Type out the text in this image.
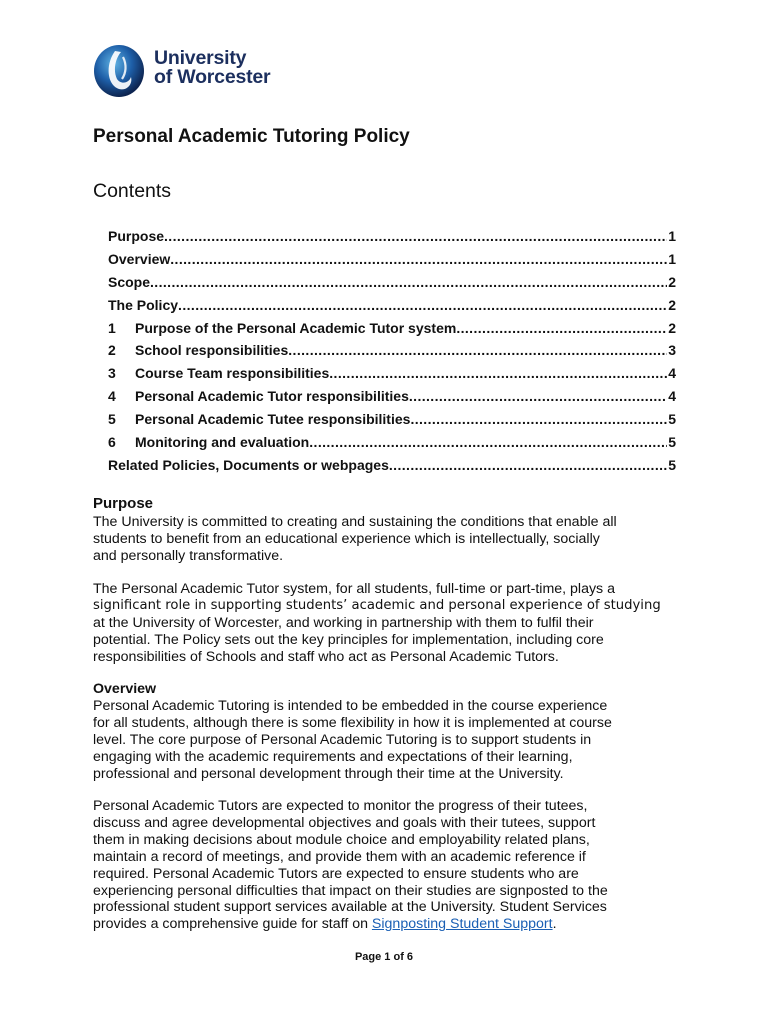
University
of Worcester
Personal Academic Tutoring Policy
Contents
Purpose .....	1
Overview .....	1
Scope .....	2
The Policy .....	2
1	Purpose of the Personal Academic Tutor system .....	2
2	School responsibilities .....	3
3	Course Team responsibilities .....	4
4	Personal Academic Tutor responsibilities .....	4
5	Personal Academic Tutee responsibilities .....	5
6	Monitoring and evaluation .....	5
Related Policies, Documents or webpages .....	5
Purpose

The University is committed to creating and sustaining the conditions that enable all
students to benefit from an educational experience which is intellectually, socially
and personally transformative.

The Personal Academic Tutor system, for all students, full-time or part-time, plays a
significant role in supporting students’ academic and personal experience of studying
at the University of Worcester, and working in partnership with them to fulfil their
potential. The Policy sets out the key principles for implementation, including core
responsibilities of Schools and staff who act as Personal Academic Tutors.

Overview

Personal Academic Tutoring is intended to be embedded in the course experience
for all students, although there is some flexibility in how it is implemented at course
level. The core purpose of Personal Academic Tutoring is to support students in
engaging with the academic requirements and expectations of their learning,
professional and personal development through their time at the University.

Personal Academic Tutors are expected to monitor the progress of their tutees,
discuss and agree developmental objectives and goals with their tutees, support
them in making decisions about module choice and employability related plans,
maintain a record of meetings, and provide them with an academic reference if
required. Personal Academic Tutors are expected to ensure students who are
experiencing personal difficulties that impact on their studies are signposted to the
professional student support services available at the University. Student Services
provides a comprehensive guide for staff on Signposting Student Support.

Page 1 of 6
